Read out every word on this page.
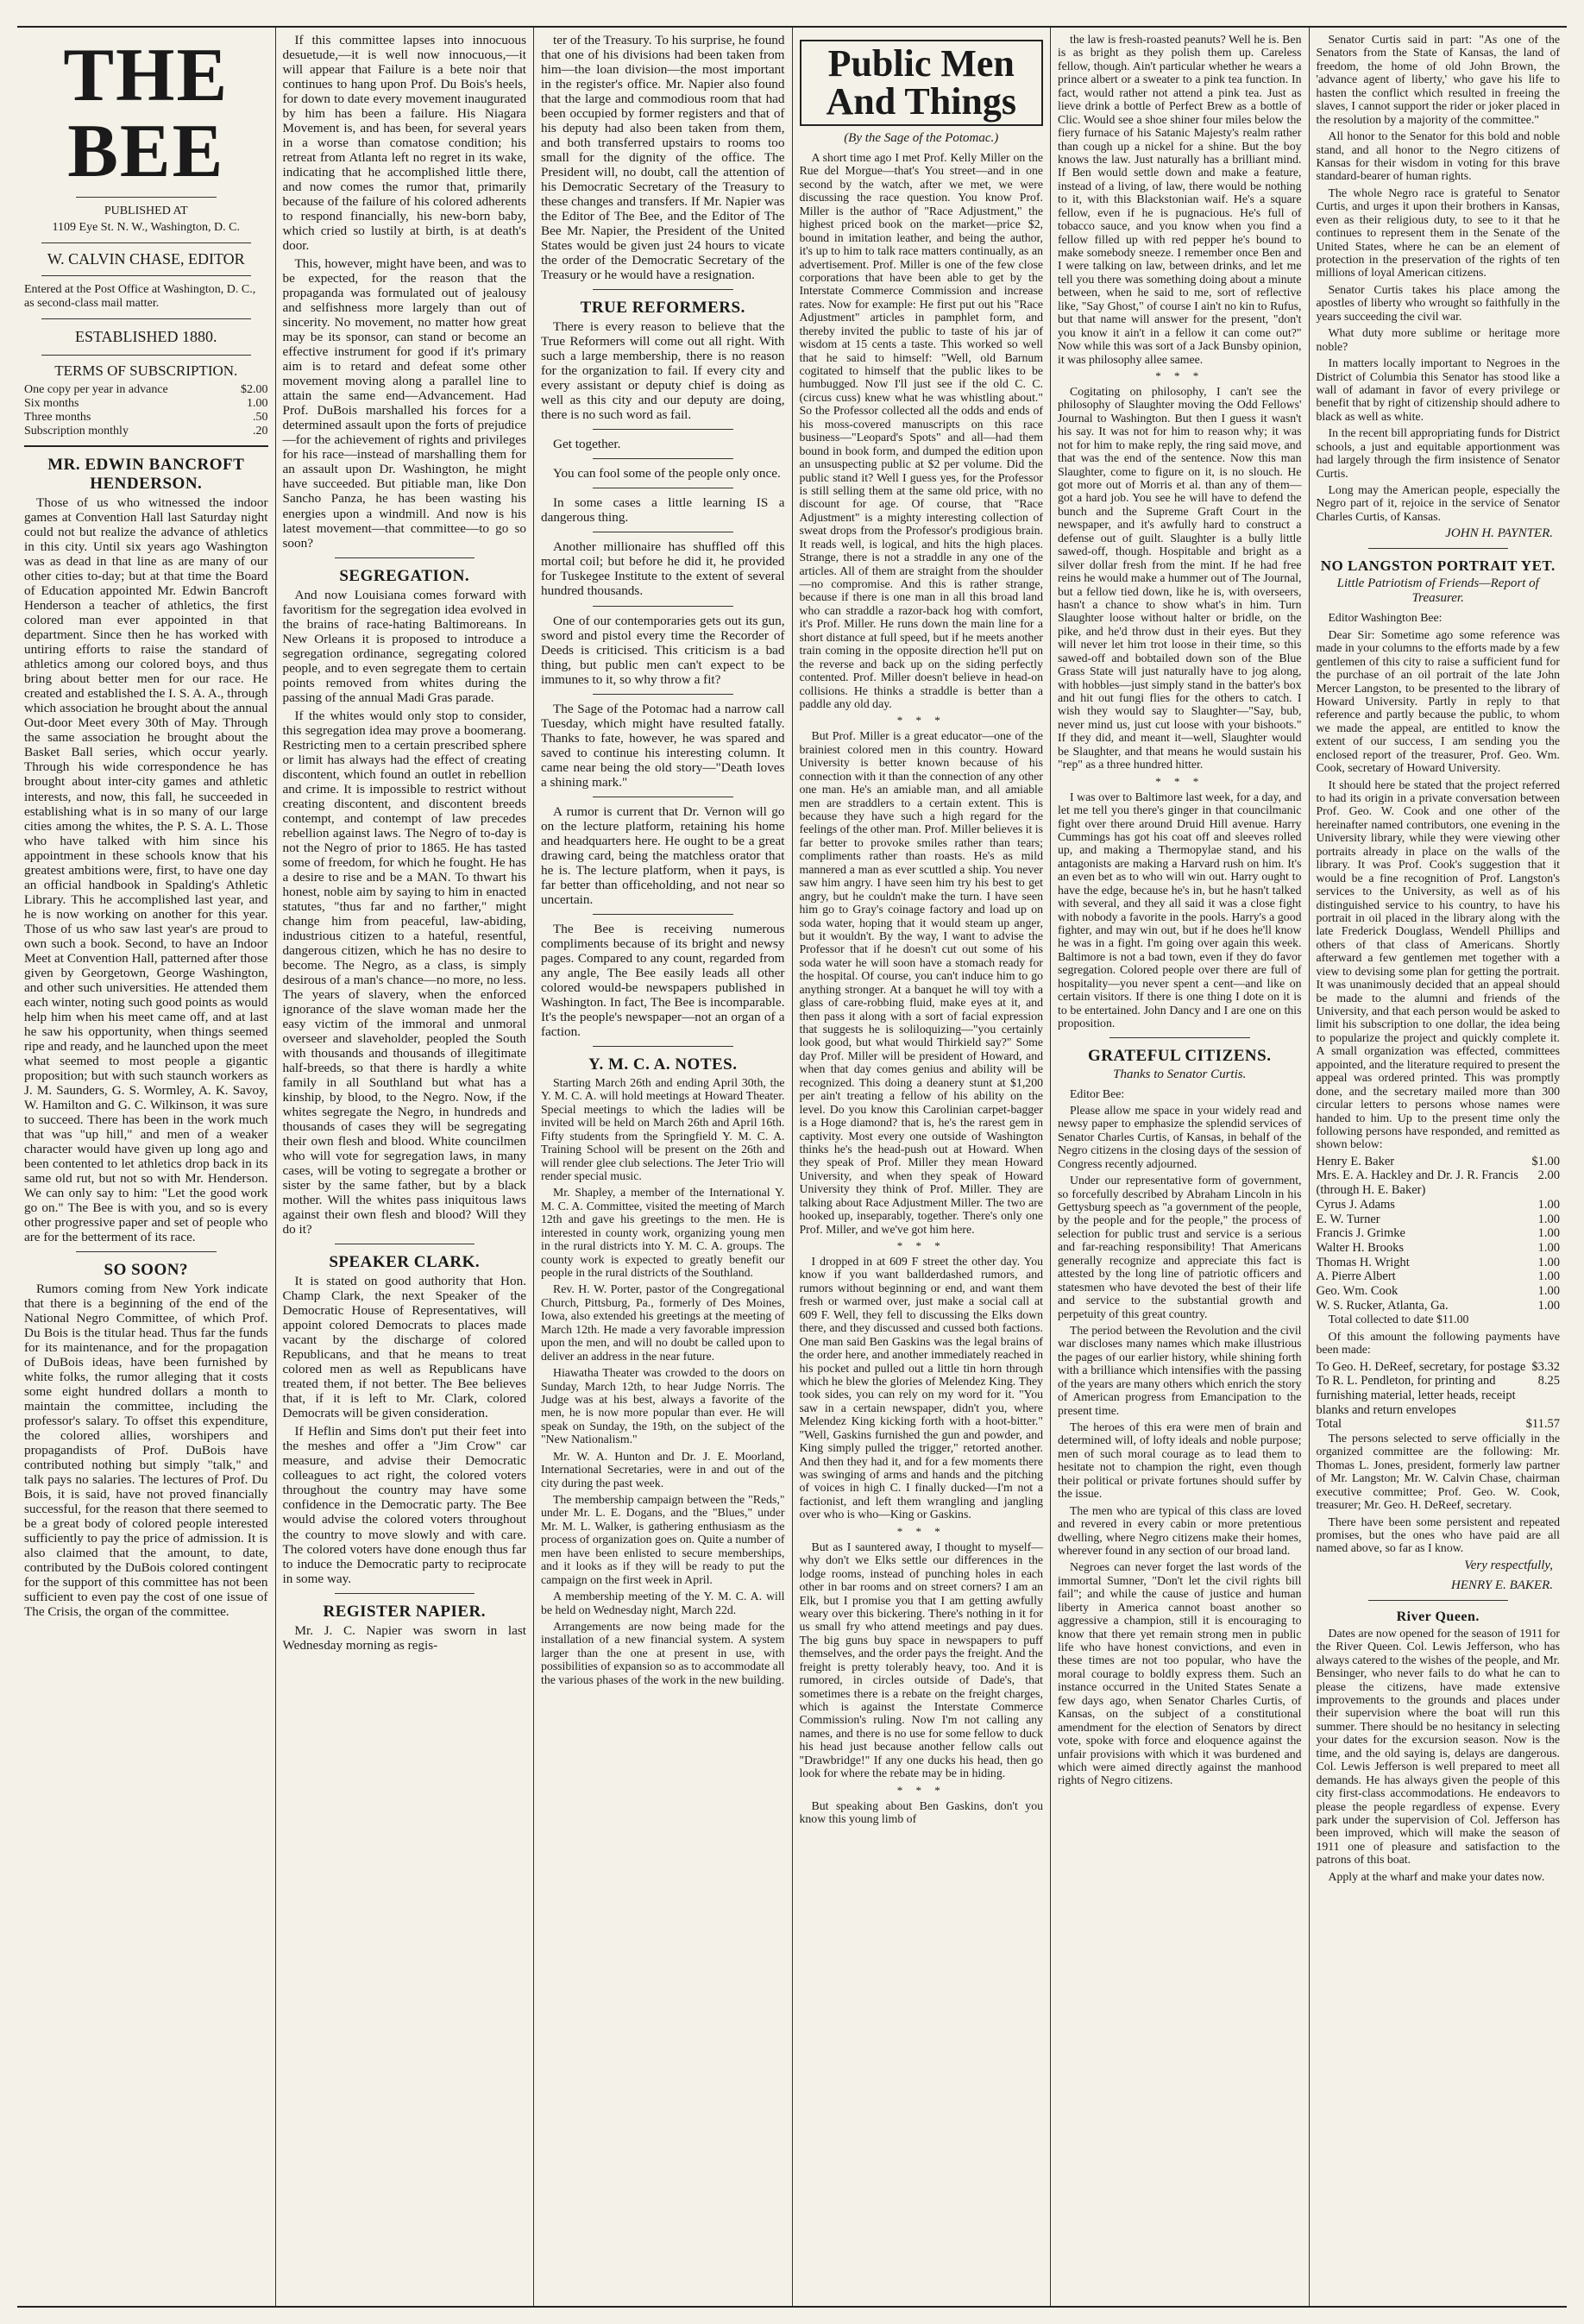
THE BEE
PUBLISHED AT
1109 Eye St. N. W., Washington, D. C.
W. CALVIN CHASE, EDITOR
Entered at the Post Office at Washington, D. C., as second-class mail matter.
ESTABLISHED 1880.
TERMS OF SUBSCRIPTION.
One copy per year in advance	$2.00
Six months	1.00
Three months	.50
Subscription monthly	.20
MR. EDWIN BANCROFT HENDERSON.

Those of us who witnessed the indoor games at Convention Hall last Saturday night could not but realize the advance of athletics in this city. Until six years ago Washington was as dead in that line as are many of our other cities to-day; but at that time the Board of Education appointed Mr. Edwin Bancroft Henderson a teacher of athletics, the first colored man ever appointed in that department. Since then he has worked with untiring efforts to raise the standard of athletics among our colored boys, and thus bring about better men for our race. He created and established the I. S. A. A., through which association he brought about the annual Out-door Meet every 30th of May. Through the same association he brought about the Basket Ball series, which occur yearly. Through his wide correspondence he has brought about inter-city games and athletic interests, and now, this fall, he succeeded in establishing what is in so many of our large cities among the whites, the P. S. A. L. Those who have talked with him since his appointment in these schools know that his greatest ambitions were, first, to have one day an official handbook in Spalding's Athletic Library. This he accomplished last year, and he is now working on another for this year. Those of us who saw last year's are proud to own such a book. Second, to have an Indoor Meet at Convention Hall, patterned after those given by Georgetown, George Washington, and other such universities. He attended them each winter, noting such good points as would help him when his meet came off, and at last he saw his opportunity, when things seemed ripe and ready, and he launched upon the meet what seemed to most people a gigantic proposition; but with such staunch workers as J. M. Saunders, G. S. Wormley, A. K. Savoy, W. Hamilton and G. C. Wilkinson, it was sure to succeed. There has been in the work much that was "up hill," and men of a weaker character would have given up long ago and been contented to let athletics drop back in its same old rut, but not so with Mr. Henderson. We can only say to him: "Let the good work go on." The Bee is with you, and so is every other progressive paper and set of people who are for the betterment of its race.

SO SOON?

Rumors coming from New York indicate that there is a beginning of the end of the National Negro Committee, of which Prof. Du Bois is the titular head. Thus far the funds for its maintenance, and for the propagation of DuBois ideas, have been furnished by white folks, the rumor alleging that it costs some eight hundred dollars a month to maintain the committee, including the professor's salary. To offset this expenditure, the colored allies, worshipers and propagandists of Prof. DuBois have contributed nothing but simply "talk," and talk pays no salaries. The lectures of Prof. Du Bois, it is said, have not proved financially successful, for the reason that there seemed to be a great body of colored people interested sufficiently to pay the price of admission. It is also claimed that the amount, to date, contributed by the DuBois colored contingent for the support of this committee has not been sufficient to even pay the cost of one issue of The Crisis, the organ of the committee.

If this committee lapses into innocuous desuetude,—it is well now innocuous,—it will appear that Failure is a bete noir that continues to hang upon Prof. Du Bois's heels, for down to date every movement inaugurated by him has been a failure. His Niagara Movement is, and has been, for several years in a worse than comatose condition; his retreat from Atlanta left no regret in its wake, indicating that he accomplished little there, and now comes the rumor that, primarily because of the failure of his colored adherents to respond financially, his new-born baby, which cried so lustily at birth, is at death's door.

This, however, might have been, and was to be expected, for the reason that the propaganda was formulated out of jealousy and selfishness more largely than out of sincerity. No movement, no matter how great may be its sponsor, can stand or become an effective instrument for good if it's primary aim is to retard and defeat some other movement moving along a parallel line to attain the same end—Advancement. Had Prof. DuBois marshalled his forces for a determined assault upon the forts of prejudice—for the achievement of rights and privileges for his race—instead of marshalling them for an assault upon Dr. Washington, he might have succeeded. But pitiable man, like Don Sancho Panza, he has been wasting his energies upon a windmill. And now is his latest movement—that committee—to go so soon?

SEGREGATION.

And now Louisiana comes forward with favoritism for the segregation idea evolved in the brains of race-hating Baltimoreans. In New Orleans it is proposed to introduce a segregation ordinance, segregating colored people, and to even segregate them to certain points removed from whites during the passing of the annual Madi Gras parade.

If the whites would only stop to consider, this segregation idea may prove a boomerang. Restricting men to a certain prescribed sphere or limit has always had the effect of creating discontent, which found an outlet in rebellion and crime. It is impossible to restrict without creating discontent, and discontent breeds contempt, and contempt of law precedes rebellion against laws. The Negro of to-day is not the Negro of prior to 1865. He has tasted some of freedom, for which he fought. He has a desire to rise and be a MAN. To thwart his honest, noble aim by saying to him in enacted statutes, "thus far and no farther," might change him from peaceful, law-abiding, industrious citizen to a hateful, resentful, dangerous citizen, which he has no desire to become. The Negro, as a class, is simply desirous of a man's chance—no more, no less. The years of slavery, when the enforced ignorance of the slave woman made her the easy victim of the immoral and unmoral overseer and slaveholder, peopled the South with thousands and thousands of illegitimate half-breeds, so that there is hardly a white family in all Southland but what has a kinship, by blood, to the Negro. Now, if the whites segregate the Negro, in hundreds and thousands of cases they will be segregating their own flesh and blood. White councilmen who will vote for segregation laws, in many cases, will be voting to segregate a brother or sister by the same father, but by a black mother. Will the whites pass iniquitous laws against their own flesh and blood? Will they do it?

SPEAKER CLARK.

It is stated on good authority that Hon. Champ Clark, the next Speaker of the Democratic House of Representatives, will appoint colored Democrats to places made vacant by the discharge of colored Republicans, and that he means to treat colored men as well as Republicans have treated them, if not better. The Bee believes that, if it is left to Mr. Clark, colored Democrats will be given consideration.

If Heflin and Sims don't put their feet into the meshes and offer a "Jim Crow" car measure, and advise their Democratic colleagues to act right, the colored voters throughout the country may have some confidence in the Democratic party. The Bee would advise the colored voters throughout the country to move slowly and with care. The colored voters have done enough thus far to induce the Democratic party to reciprocate in some way.

REGISTER NAPIER.

Mr. J. C. Napier was sworn in last Wednesday morning as regis-

ter of the Treasury. To his surprise, he found that one of his divisions had been taken from him—the loan division—the most important in the register's office. Mr. Napier also found that the large and commodious room that had been occupied by former registers and that of his deputy had also been taken from them, and both transferred upstairs to rooms too small for the dignity of the office. The President will, no doubt, call the attention of his Democratic Secretary of the Treasury to these changes and transfers. If Mr. Napier was the Editor of The Bee, and the Editor of The Bee Mr. Napier, the President of the United States would be given just 24 hours to vicate the order of the Democratic Secretary of the Treasury or he would have a resignation.

TRUE REFORMERS.

There is every reason to believe that the True Reformers will come out all right. With such a large membership, there is no reason for the organization to fail. If every city and every assistant or deputy chief is doing as well as this city and our deputy are doing, there is no such word as fail.

Get together.

You can fool some of the people only once.

In some cases a little learning IS a dangerous thing.

Another millionaire has shuffled off this mortal coil; but before he did it, he provided for Tuskegee Institute to the extent of several hundred thousands.

One of our contemporaries gets out its gun, sword and pistol every time the Recorder of Deeds is criticised. This criticism is a bad thing, but public men can't expect to be immunes to it, so why throw a fit?

The Sage of the Potomac had a narrow call Tuesday, which might have resulted fatally. Thanks to fate, however, he was spared and saved to continue his interesting column. It came near being the old story—"Death loves a shining mark."

A rumor is current that Dr. Vernon will go on the lecture platform, retaining his home and headquarters here. He ought to be a great drawing card, being the matchless orator that he is. The lecture platform, when it pays, is far better than officeholding, and not near so uncertain.

The Bee is receiving numerous compliments because of its bright and newsy pages. Compared to any count, regarded from any angle, The Bee easily leads all other colored would-be newspapers published in Washington. In fact, The Bee is incomparable. It's the people's newspaper—not an organ of a faction.

Y. M. C. A. NOTES.

Starting March 26th and ending April 30th, the Y. M. C. A. will hold meetings at Howard Theater. Special meetings to which the ladies will be invited will be held on March 26th and April 16th. Fifty students from the Springfield Y. M. C. A. Training School will be present on the 26th and will render glee club selections. The Jeter Trio will render special music.

Mr. Shapley, a member of the International Y. M. C. A. Committee, visited the meeting of March 12th and gave his greetings to the men. He is interested in county work, organizing young men in the rural districts into Y. M. C. A. groups. The county work is expected to greatly benefit our people in the rural districts of the Southland.

Rev. H. W. Porter, pastor of the Congregational Church, Pittsburg, Pa., formerly of Des Moines, Iowa, also extended his greetings at the meeting of March 12th. He made a very favorable impression upon the men, and will no doubt be called upon to deliver an address in the near future.

Hiawatha Theater was crowded to the doors on Sunday, March 12th, to hear Judge Norris. The Judge was at his best, always a favorite of the men, he is now more popular than ever. He will speak on Sunday, the 19th, on the subject of the "New Nationalism."

Mr. W. A. Hunton and Dr. J. E. Moorland, International Secretaries, were in and out of the city during the past week.

The membership campaign between the "Reds," under Mr. L. E. Dogans, and the "Blues," under Mr. M. L. Walker, is gathering enthusiasm as the process of organization goes on. Quite a number of men have been enlisted to secure memberships, and it looks as if they will be ready to put the campaign on the first week in April.

A membership meeting of the Y. M. C. A. will be held on Wednesday night, March 22d.

Arrangements are now being made for the installation of a new financial system. A system larger than the one at present in use, with possibilities of expansion so as to accommodate all the various phases of the work in the new building.

Public Men And Things
(By the Sage of the Potomac.)

A short time ago I met Prof. Kelly Miller on the Rue del Morgue—that's You street—and in one second by the watch, after we met, we were discussing the race question. You know Prof. Miller is the author of "Race Adjustment," the highest priced book on the market—price $2, bound in imitation leather, and being the author, it's up to him to talk race matters continually, as an advertisement. Prof. Miller is one of the few close corporations that have been able to get by the Interstate Commerce Commission and increase rates. Now for example: He first put out his "Race Adjustment" articles in pamphlet form, and thereby invited the public to taste of his jar of wisdom at 15 cents a taste. This worked so well that he said to himself: "Well, old Barnum cogitated to himself that the public likes to be humbugged. Now I'll just see if the old C. C. (circus cuss) knew what he was whistling about." So the Professor collected all the odds and ends of his moss-covered manuscripts on this race business—"Leopard's Spots" and all—had them bound in book form, and dumped the edition upon an unsuspecting public at $2 per volume. Did the public stand it? Well I guess yes, for the Professor is still selling them at the same old price, with no discount for age. Of course, that "Race Adjustment" is a mighty interesting collection of sweat drops from the Professor's prodigious brain. It reads well, is logical, and hits the high places. Strange, there is not a straddle in any one of the articles. All of them are straight from the shoulder—no compromise. And this is rather strange, because if there is one man in all this broad land who can straddle a razor-back hog with comfort, it's Prof. Miller. He runs down the main line for a short distance at full speed, but if he meets another train coming in the opposite direction he'll put on the reverse and back up on the siding perfectly contented. Prof. Miller doesn't believe in head-on collisions. He thinks a straddle is better than a paddle any old day.

* * *

But Prof. Miller is a great educator—one of the brainiest colored men in this country. Howard University is better known because of his connection with it than the connection of any other one man. He's an amiable man, and all amiable men are straddlers to a certain extent. This is because they have such a high regard for the feelings of the other man. Prof. Miller believes it is far better to provoke smiles rather than tears; compliments rather than roasts. He's as mild mannered a man as ever scuttled a ship. You never saw him angry. I have seen him try his best to get angry, but he couldn't make the turn. I have seen him go to Gray's coinage factory and load up on soda water, hoping that it would steam up anger, but it wouldn't. By the way, I want to advise the Professor that if he doesn't cut out some of his soda water he will soon have a stomach ready for the hospital. Of course, you can't induce him to go anything stronger. At a banquet he will toy with a glass of care-robbing fluid, make eyes at it, and then pass it along with a sort of facial expression that suggests he is soliloquizing—"you certainly look good, but what would Thirkield say?" Some day Prof. Miller will be president of Howard, and when that day comes genius and ability will be recognized. This doing a deanery stunt at $1,200 per ain't treating a fellow of his ability on the level. Do you know this Carolinian carpet-bagger is a Hoge diamond? that is, he's the rarest gem in captivity. Most every one outside of Washington thinks he's the head-push out at Howard. When they speak of Prof. Miller they mean Howard University, and when they speak of Howard University they think of Prof. Miller. They are talking about Race Adjustment Miller. The two are hooked up, inseparably, together. There's only one Prof. Miller, and we've got him here.

* * *

I dropped in at 609 F street the other day. You know if you want ballderdashed rumors, and rumors without beginning or end, and want them fresh or warmed over, just make a social call at 609 F. Well, they fell to discussing the Elks down there, and they discussed and cussed both factions. One man said Ben Gaskins was the legal brains of the order here, and another immediately reached in his pocket and pulled out a little tin horn through which he blew the glories of Melendez King. They took sides, you can rely on my word for it. "You saw in a certain newspaper, didn't you, where Melendez King kicking forth with a hoot-bitter." "Well, Gaskins furnished the gun and powder, and King simply pulled the trigger," retorted another. And then they had it, and for a few moments there was swinging of arms and hands and the pitching of voices in high C. I finally ducked—I'm not a factionist, and left them wrangling and jangling over who is who—King or Gaskins.

* * *

But as I sauntered away, I thought to myself—why don't we Elks settle our differences in the lodge rooms, instead of punching holes in each other in bar rooms and on street corners? I am an Elk, but I promise you that I am getting awfully weary over this bickering. There's nothing in it for us small fry who attend meetings and pay dues. The big guns buy space in newspapers to puff themselves, and the order pays the freight. And the freight is pretty tolerably heavy, too. And it is rumored, in circles outside of Dade's, that sometimes there is a rebate on the freight charges, which is against the Interstate Commerce Commission's ruling. Now I'm not calling any names, and there is no use for some fellow to duck his head just because another fellow calls out "Drawbridge!" If any one ducks his head, then go look for where the rebate may be in hiding.

* * *

But speaking about Ben Gaskins, don't you know this young limb of

the law is fresh-roasted peanuts? Well he is. Ben is as bright as they polish them up. Careless fellow, though. Ain't particular whether he wears a prince albert or a sweater to a pink tea function. In fact, would rather not attend a pink tea. Just as lieve drink a bottle of Perfect Brew as a bottle of Clic. Would see a shoe shiner four miles below the fiery furnace of his Satanic Majesty's realm rather than cough up a nickel for a shine. But the boy knows the law. Just naturally has a brilliant mind. If Ben would settle down and make a feature, instead of a living, of law, there would be nothing to it, with this Blackstonian waif. He's a square fellow, even if he is pugnacious. He's full of tobacco sauce, and you know when you find a fellow filled up with red pepper he's bound to make somebody sneeze. I remember once Ben and I were talking on law, between drinks, and let me tell you there was something doing about a minute between, when he said to me, sort of reflective like, "Say Ghost," of course I ain't no kin to Rufus, but that name will answer for the present, "don't you know it ain't in a fellow it can come out?" Now while this was sort of a Jack Bunsby opinion, it was philosophy allee samee.

* * *

Cogitating on philosophy, I can't see the philosophy of Slaughter moving the Odd Fellows' Journal to Washington. But then I guess it wasn't his say. It was not for him to reason why; it was not for him to make reply, the ring said move, and that was the end of the sentence. Now this man Slaughter, come to figure on it, is no slouch. He got more out of Morris et al. than any of them—got a hard job. You see he will have to defend the bunch and the Supreme Graft Court in the newspaper, and it's awfully hard to construct a defense out of guilt. Slaughter is a bully little sawed-off, though. Hospitable and bright as a silver dollar fresh from the mint. If he had free reins he would make a hummer out of The Journal, but a fellow tied down, like he is, with overseers, hasn't a chance to show what's in him. Turn Slaughter loose without halter or bridle, on the pike, and he'd throw dust in their eyes. But they will never let him trot loose in their time, so this sawed-off and bobtailed down son of the Blue Grass State will just naturally have to jog along, with hobbles—just simply stand in the batter's box and hit out fungi flies for the others to catch. I wish they would say to Slaughter—"Say, bub, never mind us, just cut loose with your bishoots." If they did, and meant it—well, Slaughter would be Slaughter, and that means he would sustain his "rep" as a three hundred hitter.

* * *

I was over to Baltimore last week, for a day, and let me tell you there's ginger in that councilmanic fight over there around Druid Hill avenue. Harry Cummings has got his coat off and sleeves rolled up, and making a Thermopylae stand, and his antagonists are making a Harvard rush on him. It's an even bet as to who will win out. Harry ought to have the edge, because he's in, but he hasn't talked with several, and they all said it was a close fight with nobody a favorite in the pools. Harry's a good fighter, and may win out, but if he does he'll know he was in a fight. I'm going over again this week. Baltimore is not a bad town, even if they do favor segregation. Colored people over there are full of hospitality—you never spent a cent—and like on certain visitors. If there is one thing I dote on it is to be entertained. John Dancy and I are one on this proposition.

GRATEFUL CITIZENS.
Thanks to Senator Curtis.

Editor Bee:

Please allow me space in your widely read and newsy paper to emphasize the splendid services of Senator Charles Curtis, of Kansas, in behalf of the Negro citizens in the closing days of the session of Congress recently adjourned.

Under our representative form of government, so forcefully described by Abraham Lincoln in his Gettysburg speech as "a government of the people, by the people and for the people," the process of selection for public trust and service is a serious and far-reaching responsibility! That Americans generally recognize and appreciate this fact is attested by the long line of patriotic officers and statesmen who have devoted the best of their life and service to the substantial growth and perpetuity of this great country.

The period between the Revolution and the civil war discloses many names which make illustrious the pages of our earlier history, while shining forth with a brilliance which intensifies with the passing of the years are many others which enrich the story of American progress from Emancipation to the present time.

The heroes of this era were men of brain and determined will, of lofty ideals and noble purpose; men of such moral courage as to lead them to hesitate not to champion the right, even though their political or private fortunes should suffer by the issue.

The men who are typical of this class are loved and revered in every cabin or more pretentious dwelling, where Negro citizens make their homes, wherever found in any section of our broad land.

Negroes can never forget the last words of the immortal Sumner, "Don't let the civil rights bill fail"; and while the cause of justice and human liberty in America cannot boast another so aggressive a champion, still it is encouraging to know that there yet remain strong men in public life who have honest convictions, and even in these times are not too popular, who have the moral courage to boldly express them. Such an instance occurred in the United States Senate a few days ago, when Senator Charles Curtis, of Kansas, on the subject of a constitutional amendment for the election of Senators by direct vote, spoke with force and eloquence against the unfair provisions with which it was burdened and which were aimed directly against the manhood rights of Negro citizens.

Senator Curtis said in part: "As one of the Senators from the State of Kansas, the land of freedom, the home of old John Brown, the 'advance agent of liberty,' who gave his life to hasten the conflict which resulted in freeing the slaves, I cannot support the rider or joker placed in the resolution by a majority of the committee."

All honor to the Senator for this bold and noble stand, and all honor to the Negro citizens of Kansas for their wisdom in voting for this brave standard-bearer of human rights.

The whole Negro race is grateful to Senator Curtis, and urges it upon their brothers in Kansas, even as their religious duty, to see to it that he continues to represent them in the Senate of the United States, where he can be an element of protection in the preservation of the rights of ten millions of loyal American citizens.

Senator Curtis takes his place among the apostles of liberty who wrought so faithfully in the years succeeding the civil war.

What duty more sublime or heritage more noble?

In matters locally important to Negroes in the District of Columbia this Senator has stood like a wall of adamant in favor of every privilege or benefit that by right of citizenship should adhere to black as well as white.

In the recent bill appropriating funds for District schools, a just and equitable apportionment was had largely through the firm insistence of Senator Curtis.

Long may the American people, especially the Negro part of it, rejoice in the service of Senator Charles Curtis, of Kansas.

JOHN H. PAYNTER.
NO LANGSTON PORTRAIT YET.
Little Patriotism of Friends—Report of Treasurer.

Editor Washington Bee:

Dear Sir: Sometime ago some reference was made in your columns to the efforts made by a few gentlemen of this city to raise a sufficient fund for the purchase of an oil portrait of the late John Mercer Langston, to be presented to the library of Howard University. Partly in reply to that reference and partly because the public, to whom we made the appeal, are entitled to know the extent of our success, I am sending you the enclosed report of the treasurer, Prof. Geo. Wm. Cook, secretary of Howard University.

It should here be stated that the project referred to had its origin in a private conversation between Prof. Geo. W. Cook and one other of the hereinafter named contributors, one evening in the University library, while they were viewing other portraits already in place on the walls of the library. It was Prof. Cook's suggestion that it would be a fine recognition of Prof. Langston's services to the University, as well as of his distinguished service to his country, to have his portrait in oil placed in the library along with the late Frederick Douglass, Wendell Phillips and others of that class of Americans. Shortly afterward a few gentlemen met together with a view to devising some plan for getting the portrait. It was unanimously decided that an appeal should be made to the alumni and friends of the University, and that each person would be asked to limit his subscription to one dollar, the idea being to popularize the project and quickly complete it. A small organization was effected, committees appointed, and the literature required to present the appeal was ordered printed. This was promptly done, and the secretary mailed more than 300 circular letters to persons whose names were handed to him. Up to the present time only the following persons have responded, and remitted as shown below:

Henry E. Baker	$1.00
Mrs. E. A. Hackley and Dr. J. R. Francis (through H. E. Baker)
2.00
Cyrus J. Adams	1.00
E. W. Turner	1.00
Francis J. Grimke	1.00
Walter H. Brooks	1.00
Thomas H. Wright	1.00
A. Pierre Albert	1.00
Geo. Wm. Cook	1.00
W. S. Rucker, Atlanta, Ga.	1.00

Total collected to date $11.00

Of this amount the following payments have been made:

To Geo. H. DeReef, secretary, for postage $3.32
To R. L. Pendleton, for printing and furnishing material, letter heads, receipt blanks and return envelopes
8.25
Total	$11.57

The persons selected to serve officially in the organized committee are the following: Mr. Thomas L. Jones, president, formerly law partner of Mr. Langston; Mr. W. Calvin Chase, chairman executive committee; Prof. Geo. W. Cook, treasurer; Mr. Geo. H. DeReef, secretary.

There have been some persistent and repeated promises, but the ones who have paid are all named above, so far as I know.

Very respectfully,
HENRY E. BAKER.
River Queen.

Dates are now opened for the season of 1911 for the River Queen. Col. Lewis Jefferson, who has always catered to the wishes of the people, and Mr. Bensinger, who never fails to do what he can to please the citizens, have made extensive improvements to the grounds and places under their supervision where the boat will run this summer. There should be no hesitancy in selecting your dates for the excursion season. Now is the time, and the old saying is, delays are dangerous. Col. Lewis Jefferson is well prepared to meet all demands. He has always given the people of this city first-class accommodations. He endeavors to please the people regardless of expense. Every park under the supervision of Col. Jefferson has been improved, which will make the season of 1911 one of pleasure and satisfaction to the patrons of this boat.

Apply at the wharf and make your dates now.
